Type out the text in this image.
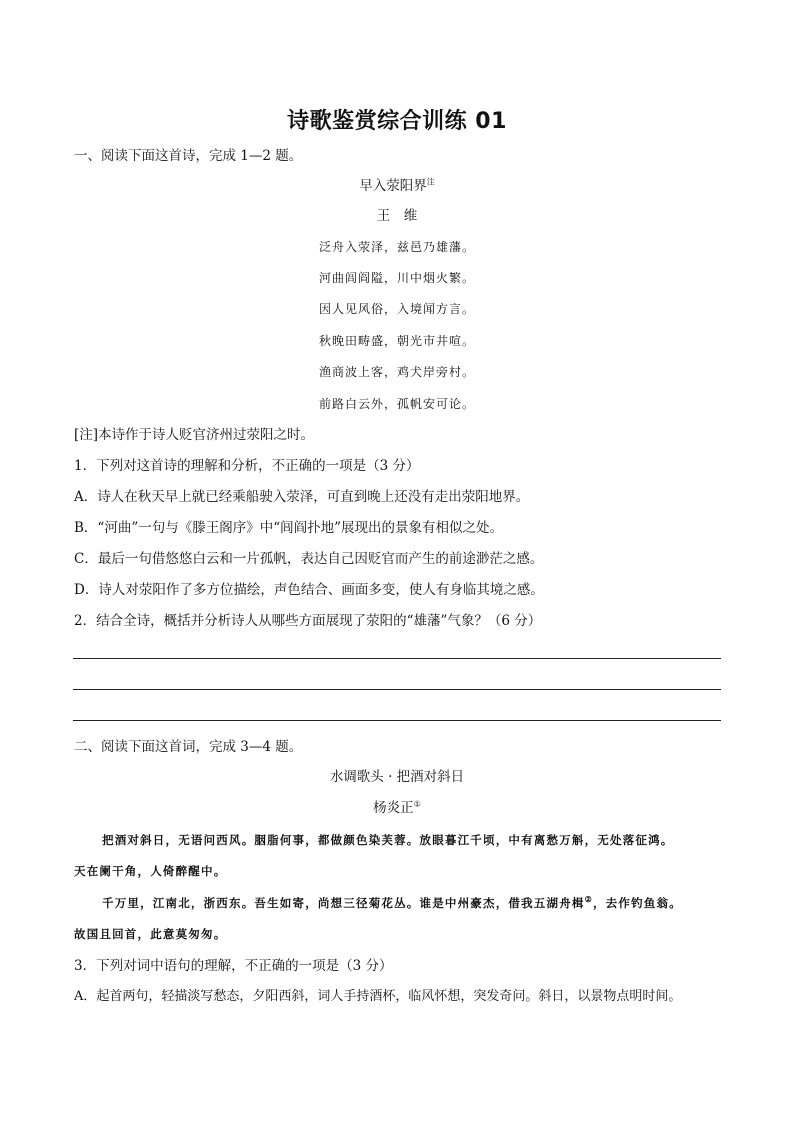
诗歌鉴赏综合训练 01
一、阅读下面这首诗，完成 1—2 题。
早入荥阳界$^注$
王　维
泛舟入荥泽，兹邑乃雄藩。
河曲闾阎隘，川中烟火繁。
因人见风俗，入境闻方言。
秋晚田畴盛，朝光市井喧。
渔商波上客，鸡犬岸旁村。
前路白云外，孤帆安可论。
[注]本诗作于诗人贬官济州过荥阳之时。
1．下列对这首诗的理解和分析，不正确的一项是（3 分）
A．诗人在秋天早上就已经乘船驶入荥泽，可直到晚上还没有走出荥阳地界。
B．“河曲”一句与《滕王阁序》中“闾阎扑地”展现出的景象有相似之处。
C．最后一句借悠悠白云和一片孤帆，表达自己因贬官而产生的前途渺茫之感。
D．诗人对荥阳作了多方位描绘，声色结合、画面多变，使人有身临其境之感。
2．结合全诗，概括并分析诗人从哪些方面展现了荥阳的“雄藩”气象？（6 分）
二、阅读下面这首词，完成 3—4 题。
水调歌头 · 把酒对斜日
杨炎正①
把酒对斜日，无语问西风。胭脂何事，都做颜色染芙蓉。放眼暮江千顷，中有离愁万斛，无处落征鸿。
天在阑干角，人倚醉醒中。
千万里，江南北，浙西东。吾生如寄，尚想三径菊花丛。谁是中州豪杰，借我五湖舟楫②，去作钓鱼翁。
故国且回首，此意莫匆匆。
3．下列对词中语句的理解，不正确的一项是（3 分）
A．起首两句，轻描淡写愁态，夕阳西斜，词人手持酒杯，临风怀想，突发奇问。斜日，以景物点明时间。
